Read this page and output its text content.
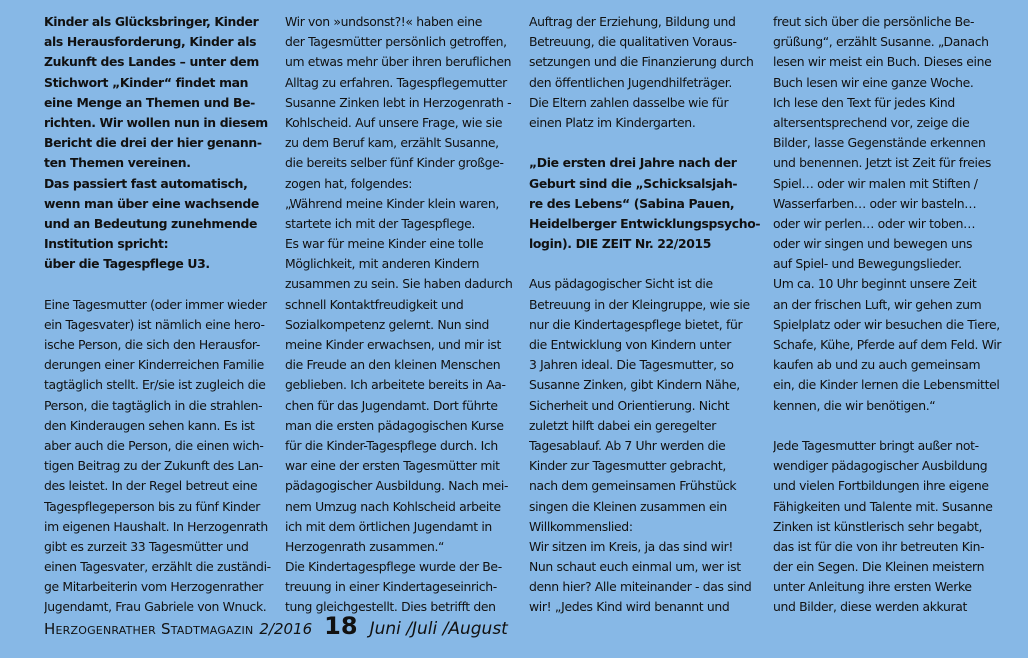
Kinder als Glücksbringer, Kinder
als Herausforderung, Kinder als
Zukunft des Landes – unter dem
Stichwort „Kinder“ findet man
eine Menge an Themen und Be-
richten. Wir wollen nun in diesem
Bericht die drei der hier genann-
ten Themen vereinen.
Das passiert fast automatisch,
wenn man über eine wachsende
und an Bedeutung zunehmende
Institution spricht:
über die Tagespflege U3.
Eine Tagesmutter (oder immer wieder
ein Tagesvater) ist nämlich eine hero-
ische Person, die sich den Herausfor-
derungen einer Kinderreichen Familie
tagtäglich stellt. Er/sie ist zugleich die
Person, die tagtäglich in die strahlen-
den Kinderaugen sehen kann. Es ist
aber auch die Person, die einen wich-
tigen Beitrag zu der Zukunft des Lan-
des leistet. In der Regel betreut eine
Tagespflegeperson bis zu fünf Kinder
im eigenen Haushalt. In Herzogenrath
gibt es zurzeit 33 Tagesmütter und
einen Tagesvater, erzählt die zuständi-
ge Mitarbeiterin vom Herzogenrather
Jugendamt, Frau Gabriele von Wnuck.
Wir von »undsonst?!« haben eine
der Tagesmütter persönlich getroffen,
um etwas mehr über ihren beruflichen
Alltag zu erfahren. Tagespflegemutter
Susanne Zinken lebt in Herzogenrath -
Kohlscheid. Auf unsere Frage, wie sie
zu dem Beruf kam, erzählt Susanne,
die bereits selber fünf Kinder großge-
zogen hat, folgendes:
„Während meine Kinder klein waren,
startete ich mit der Tagespflege.
Es war für meine Kinder eine tolle
Möglichkeit, mit anderen Kindern
zusammen zu sein. Sie haben dadurch
schnell Kontaktfreudigkeit und
Sozialkompetenz gelernt. Nun sind
meine Kinder erwachsen, und mir ist
die Freude an den kleinen Menschen
geblieben. Ich arbeitete bereits in Aa-
chen für das Jugendamt. Dort führte
man die ersten pädagogischen Kurse
für die Kinder-Tagespflege durch. Ich
war eine der ersten Tagesmütter mit
pädagogischer Ausbildung. Nach mei-
nem Umzug nach Kohlscheid arbeite
ich mit dem örtlichen Jugendamt in
Herzogenrath zusammen.“
Die Kindertagespflege wurde der Be-
treuung in einer Kindertageseinrich-
tung gleichgestellt. Dies betrifft den
Auftrag der Erziehung, Bildung und
Betreuung, die qualitativen Voraus-
setzungen und die Finanzierung durch
den öffentlichen Jugendhilfeträger.
Die Eltern zahlen dasselbe wie für
einen Platz im Kindergarten.
„Die ersten drei Jahre nach der
Geburt sind die „Schicksalsjah-
re des Lebens“ (Sabina Pauen,
Heidelberger Entwicklungspsycho-
login). DIE ZEIT Nr. 22/2015
Aus pädagogischer Sicht ist die
Betreuung in der Kleingruppe, wie sie
nur die Kindertagespflege bietet, für
die Entwicklung von Kindern unter
3 Jahren ideal. Die Tagesmutter, so
Susanne Zinken, gibt Kindern Nähe,
Sicherheit und Orientierung. Nicht
zuletzt hilft dabei ein geregelter
Tagesablauf. Ab 7 Uhr werden die
Kinder zur Tagesmutter gebracht,
nach dem gemeinsamen Frühstück
singen die Kleinen zusammen ein
Willkommenslied:
Wir sitzen im Kreis, ja das sind wir!
Nun schaut euch einmal um, wer ist
denn hier? Alle miteinander - das sind
wir! „Jedes Kind wird benannt und
freut sich über die persönliche Be-
grüßung“, erzählt Susanne. „Danach
lesen wir meist ein Buch. Dieses eine
Buch lesen wir eine ganze Woche.
Ich lese den Text für jedes Kind
altersentsprechend vor, zeige die
Bilder, lasse Gegenstände erkennen
und benennen. Jetzt ist Zeit für freies
Spiel… oder wir malen mit Stiften /
Wasserfarben… oder wir basteln…
oder wir perlen… oder wir toben…
oder wir singen und bewegen uns
auf Spiel- und Bewegungslieder.
Um ca. 10 Uhr beginnt unsere Zeit
an der frischen Luft, wir gehen zum
Spielplatz oder wir besuchen die Tiere,
Schafe, Kühe, Pferde auf dem Feld. Wir
kaufen ab und zu auch gemeinsam
ein, die Kinder lernen die Lebensmittel
kennen, die wir benötigen.“
Jede Tagesmutter bringt außer not-
wendiger pädagogischer Ausbildung
und vielen Fortbildungen ihre eigene
Fähigkeiten und Talente mit. Susanne
Zinken ist künstlerisch sehr begabt,
das ist für die von ihr betreuten Kin-
der ein Segen. Die Kleinen meistern
unter Anleitung ihre ersten Werke
und Bilder, diese werden akkurat
Herzogenrather Stadtmagazin 2/2016 18 Juni /Juli /August
